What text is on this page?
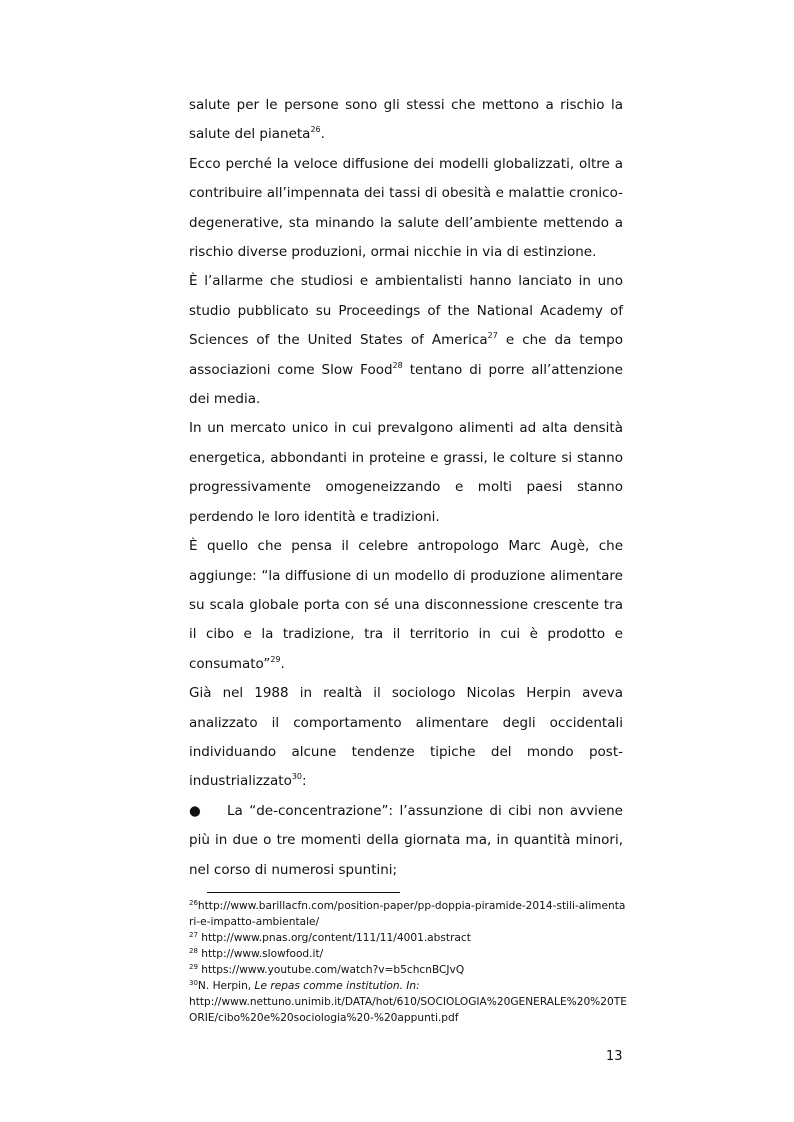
salute per le persone sono gli stessi che mettono a rischio la salute del pianeta$^{26}$.

Ecco perché la veloce diffusione dei modelli globalizzati, oltre a contribuire all’impennata dei tassi di obesità e malattie cronico-degenerative, sta minando la salute dell’ambiente mettendo a rischio diverse produzioni, ormai nicchie in via di estinzione.

È l’allarme che studiosi e ambientalisti hanno lanciato in uno studio pubblicato su Proceedings of the National Academy of Sciences of the United States of America$^{27}$ e che da tempo associazioni come Slow Food$^{28}$ tentano di porre all’attenzione dei media.

In un mercato unico in cui prevalgono alimenti ad alta densità energetica, abbondanti in proteine e grassi, le colture si stanno progressivamente omogeneizzando e molti paesi stanno perdendo le loro identità e tradizioni.

È quello che pensa il celebre antropologo Marc Augè, che aggiunge: “la diffusione di un modello di produzione alimentare su scala globale porta con sé una disconnessione crescente tra il cibo e la tradizione, tra il territorio in cui è prodotto e consumato”$^{29}$.

Già nel 1988 in realtà il sociologo Nicolas Herpin aveva analizzato il comportamento alimentare degli occidentali individuando alcune tendenze tipiche del mondo post-industrializzato$^{30}$:

● La “de-concentrazione”: l’assunzione di cibi non avviene più in due o tre momenti della giornata ma, in quantità minori, nel corso di numerosi spuntini;

$^{26}$http://www.barillacfn.com/position-paper/pp-doppia-piramide-2014-stili-alimentari-e-impatto-ambientale/
$^{27}$ http://www.pnas.org/content/111/11/4001.abstract
$^{28}$ http://www.slowfood.it/
$^{29}$ https://www.youtube.com/watch?v=b5chcnBCJvQ
$^{30}$N. Herpin, Le repas comme institution. In:
http://www.nettuno.unimib.it/DATA/hot/610/SOCIOLOGIA%20GENERALE%20%20TEORIE/cibo%20e%20sociologia%20-%20appunti.pdf
13
